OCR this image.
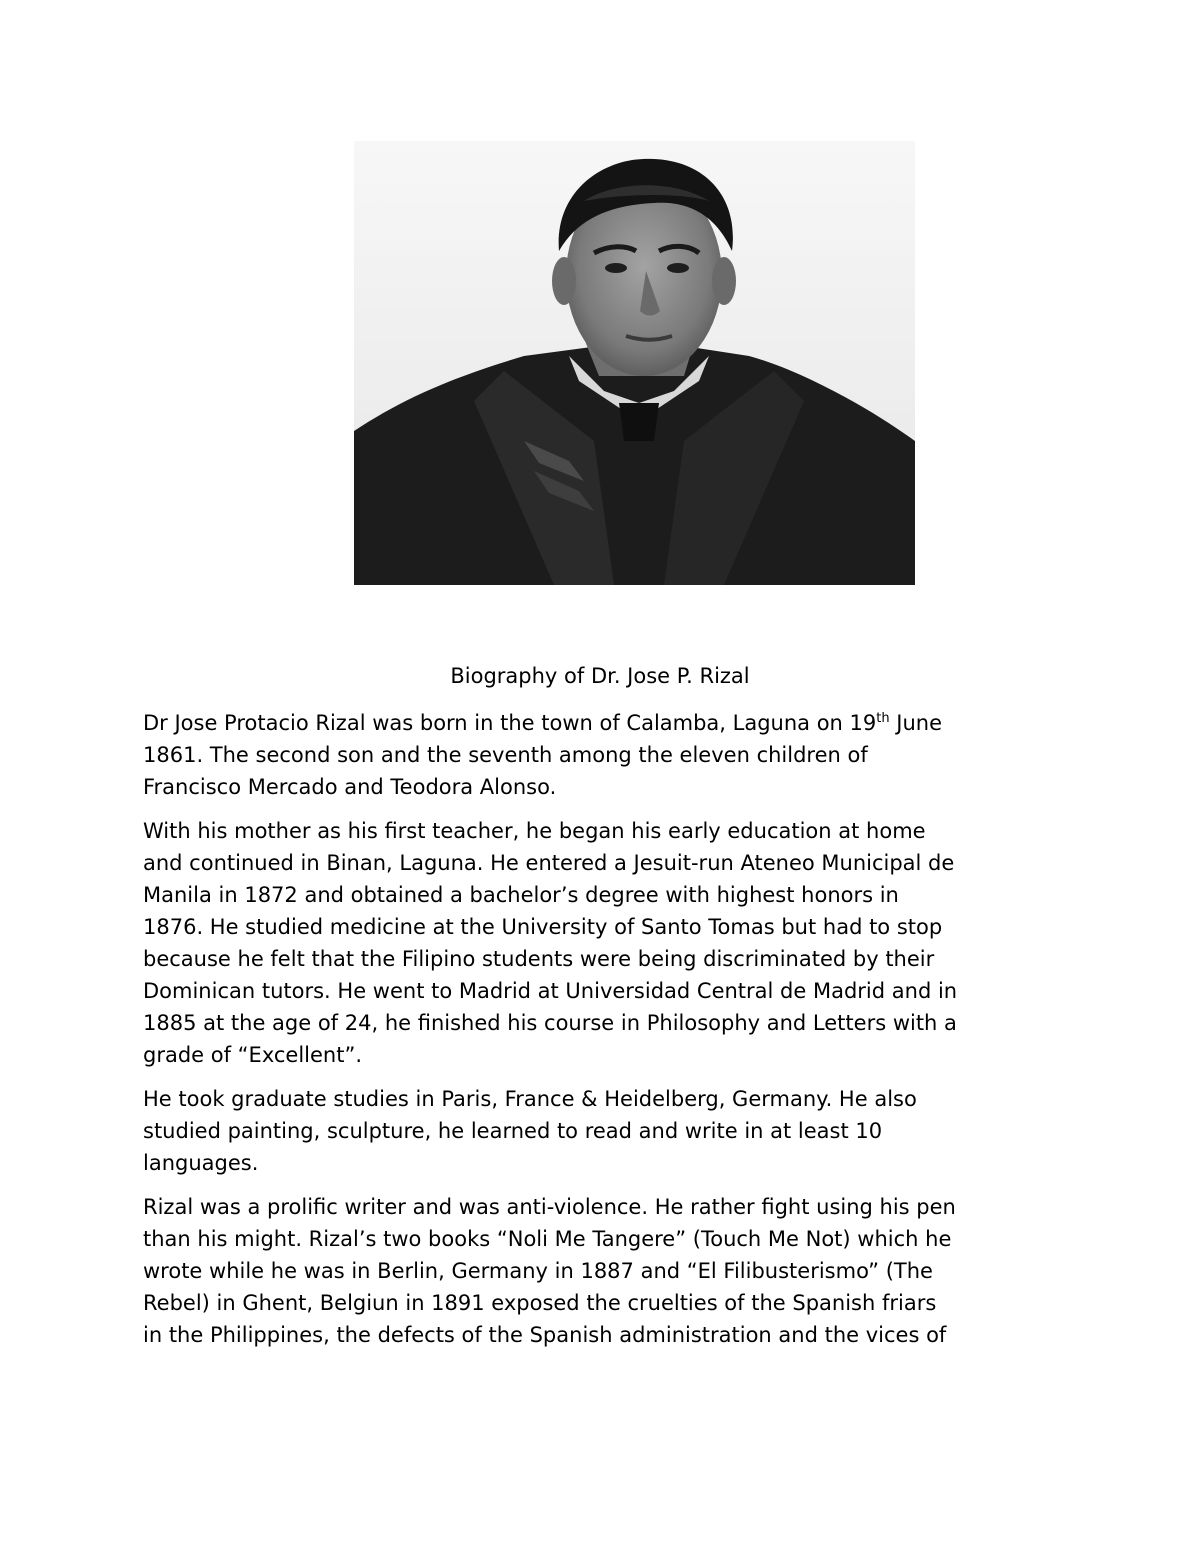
Biography of Dr. Jose P. Rizal

Dr Jose Protacio Rizal was born in the town of Calamba, Laguna on 19th June
1861. The second son and the seventh among the eleven children of
Francisco Mercado and Teodora Alonso.

With his mother as his first teacher, he began his early education at home
and continued in Binan, Laguna. He entered a Jesuit-run Ateneo Municipal de
Manila in 1872 and obtained a bachelor’s degree with highest honors in
1876. He studied medicine at the University of Santo Tomas but had to stop
because he felt that the Filipino students were being discriminated by their
Dominican tutors. He went to Madrid at Universidad Central de Madrid and in
1885 at the age of 24, he finished his course in Philosophy and Letters with a
grade of “Excellent”.

He took graduate studies in Paris, France & Heidelberg, Germany. He also
studied painting, sculpture, he learned to read and write in at least 10
languages.

Rizal was a prolific writer and was anti-violence. He rather fight using his pen
than his might. Rizal’s two books “Noli Me Tangere” (Touch Me Not) which he
wrote while he was in Berlin, Germany in 1887 and “El Filibusterismo” (The
Rebel) in Ghent, Belgiun in 1891 exposed the cruelties of the Spanish friars
in the Philippines, the defects of the Spanish administration and the vices of
